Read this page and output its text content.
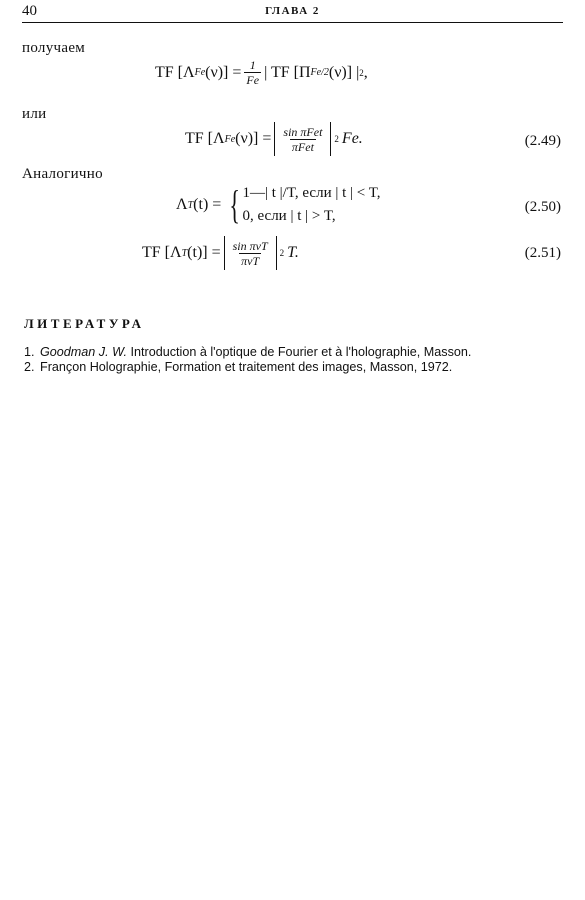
40	ГЛАВА 2
получаем
TF [Λ Fe $(\nu)] = \frac{1}{Fe}$ | TF [Π Fe/2 (ν)] | 2 ,
или
TF [Λ Fe $(\nu)] = \frac{\text{sin πFet}}{\text{πFet}} 2$ Fe.	(2.49)
Аналогично
Λ T (t) = { 1—| t |/T, если | t | < T,
0, если | t | > T,
(2.50)
TF [Λ T $(t)] = \frac{\text{sin πνT}}{\text{πνT}} 2$ T.	(2.51)
ЛИТЕРАТУРА
1. Goodman J. W. Introduction à l'optique de Fourier et à l'holographie, Masson.
2. Françon Holographie, Formation et traitement des images, Masson, 1972.
